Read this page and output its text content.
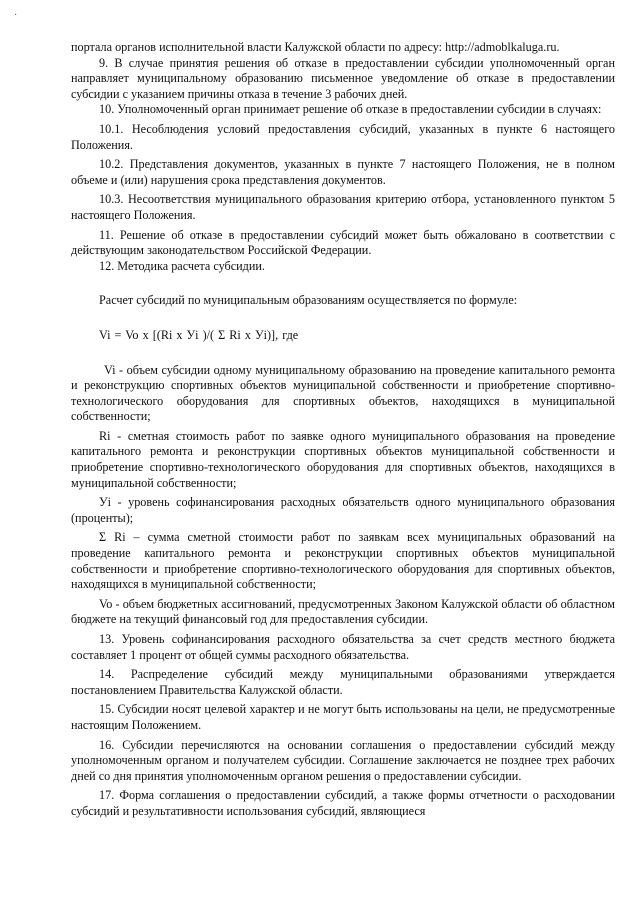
·

портала органов исполнительной власти Калужской области по адресу: http://admoblkaluga.ru.

9. В случае принятия решения об отказе в предоставлении субсидии уполномоченный орган направляет муниципальному образованию письменное уведомление об отказе в предоставлении субсидии с указанием причины отказа в течение 3 рабочих дней.

10. Уполномоченный орган принимает решение об отказе в предоставлении субсидии в случаях:

10.1. Несоблюдения условий предоставления субсидий, указанных в пункте 6 настоящего Положения.

10.2. Представления документов, указанных в пункте 7 настоящего Положения, не в полном объеме и (или) нарушения срока представления документов.

10.3. Несоответствия муниципального образования критерию отбора, установленного пунктом 5 настоящего Положения.

11. Решение об отказе в предоставлении субсидий может быть обжаловано в соответствии с действующим законодательством Российской Федерации.

12. Методика расчета субсидии.

Расчет субсидий по муниципальным образованиям осуществляется по формуле:

Vi = Vo x [(Ri x Уi )/( Σ Ri x Уi)], где

Vi - объем субсидии одному муниципальному образованию на проведение капитального ремонта и реконструкцию спортивных объектов муниципальной собственности и приобретение спортивно-технологического оборудования для спортивных объектов, находящихся в муниципальной собственности;

Ri - сметная стоимость работ по заявке одного муниципального образования на проведение капитального ремонта и реконструкции спортивных объектов муниципальной собственности и приобретение спортивно-технологического оборудования для спортивных объектов, находящихся в муниципальной собственности;

Уi - уровень софинансирования расходных обязательств одного муниципального образования (проценты);

Σ Ri – сумма сметной стоимости работ по заявкам всех муниципальных образований на проведение капитального ремонта и реконструкции спортивных объектов муниципальной собственности и приобретение спортивно-технологического оборудования для спортивных объектов, находящихся в муниципальной собственности;

Vo - объем бюджетных ассигнований, предусмотренных Законом Калужской области об областном бюджете на текущий финансовый год для предоставления субсидии.

13. Уровень софинансирования расходного обязательства за счет средств местного бюджета составляет 1 процент от общей суммы расходного обязательства.

14. Распределение субсидий между муниципальными образованиями утверждается постановлением Правительства Калужской области.

15. Субсидии носят целевой характер и не могут быть использованы на цели, не предусмотренные настоящим Положением.

16. Субсидии перечисляются на основании соглашения о предоставлении субсидий между уполномоченным органом и получателем субсидии. Соглашение заключается не позднее трех рабочих дней со дня принятия уполномоченным органом решения о предоставлении субсидии.

17. Форма соглашения о предоставлении субсидий, а также формы отчетности о расходовании субсидий и результативности использования субсидий, являющиеся
